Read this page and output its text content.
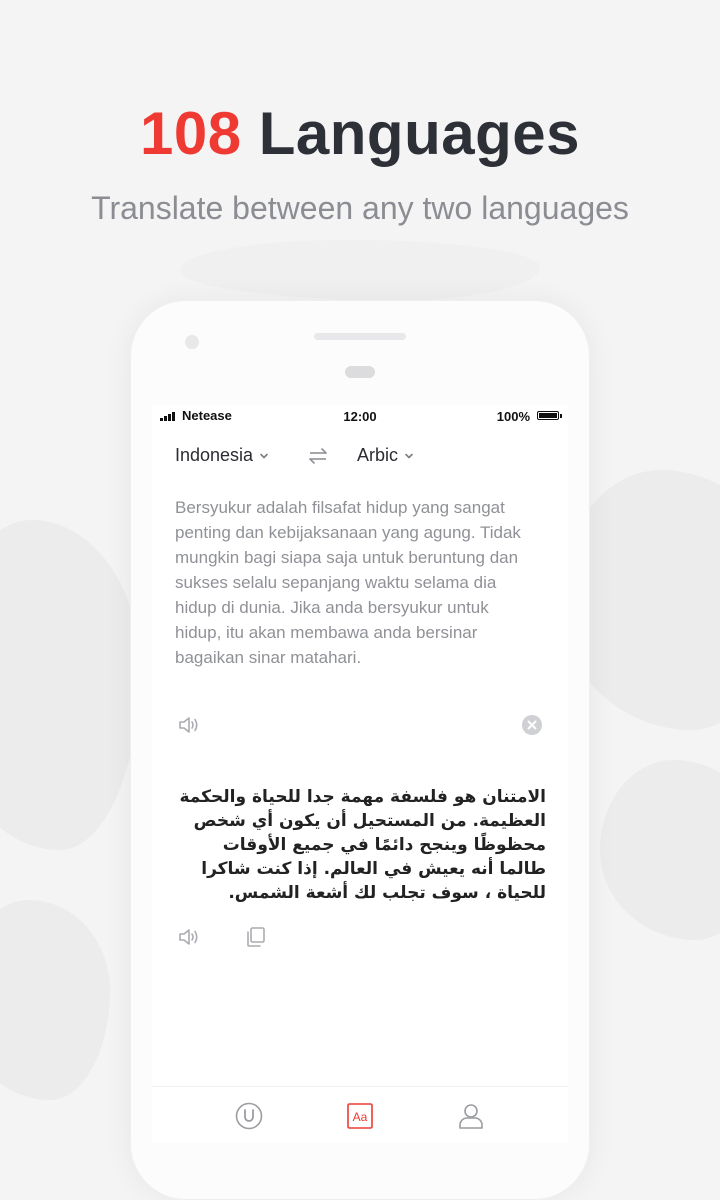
108 Languages
Translate between any two languages
Netease	12:00	100%
Indonesia	Arbic
Bersyukur adalah filsafat hidup yang sangat penting dan kebijaksanaan yang agung. Tidak mungkin bagi siapa saja untuk beruntung dan sukses selalu sepanjang waktu selama dia hidup di dunia. Jika anda bersyukur untuk hidup, itu akan membawa anda bersinar bagaikan sinar matahari.
الامتنان هو فلسفة مهمة جدا للحياة والحكمة العظيمة. من المستحيل أن يكون أي شخص محظوظًا وينجح دائمًا في جميع الأوقات طالما أنه يعيش في العالم. إذا كنت شاكرا للحياة ، سوف تجلب لك أشعة الشمس.
Aa
